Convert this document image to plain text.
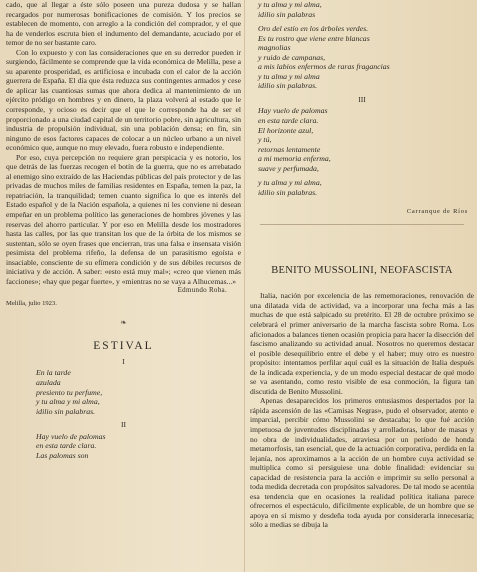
cado, que al llegar a éste sólo poseen una pureza dudosa y se hallan recargados por numerosas bonificaciones de comisión. Y los precios se establecen de momento, con arreglo a la condición del comprador, y el que ha de venderlos escruta bien el indumento del demandante, acuciado por el temor de no ser bastante caro.

Con lo expuesto y con las consideraciones que en su derredor pueden ir surgiendo, fácilmente se comprende que la vida económica de Melilla, pese a su aparente prosperidad, es artificiosa e incubada con el calor de la acción guerrera de España. El día que ésta reduzca sus contingentes armados y cese de aplicar las cuantiosas sumas que ahora dedica al mantenimiento de un ejército pródigo en hombres y en dinero, la plaza volverá al estado que le corresponde, y ocioso es decir que el que le corresponde ha de ser el proporcionado a una ciudad capital de un territorio pobre, sin agricultura, sin industria de propulsión individual, sin una población densa; en fin, sin ninguno de esos factores capaces de colocar a un núcleo urbano a un nivel económico que, aunque no muy elevado, fuera robusto e independiente.

Por eso, cuya percepción no requiere gran perspicacia y es notorio, los que detrás de las fuerzas recogen el botín de la guerra, que no es arrebatado al enemigo sino extraído de las Haciendas públicas del país protector y de las privadas de muchos miles de familias residentes en España, temen la paz, la repatriación, la tranquilidad; temen cuanto significa lo que es interés del Estado español y de la Nación española, a quienes ni les conviene ni desean empeñar en un problema político las generaciones de hombres jóvenes y las reservas del ahorro particular. Y por eso en Melilla desde los mostradores hasta las calles, por las que transitan los que de la órbita de los mismos se sustentan, sólo se oyen frases que encierran, tras una falsa e insensata visión pesimista del problema rifeño, la defensa de un parasitismo egoísta e insaciable, consciente de su efímera condición y de sus débiles recursos de iniciativa y de acción. A saber: «esto está muy mal»; «creo que vienen más facciones»; «hay que pegar fuerte», y «mientras no se vaya a Alhucemas...»

Edmundo Roba.
Melilla, julio 1923.
❧
ESTIVAL
I
En la tarde
azulada
presiento tu perfume,
y tu alma y mi alma,
idilio sin palabras.
II
Hay vuelo de palomas
en esta tarde clara.
Las palomas son
y tu alma y mi alma,
idilio sin palabras
Oro del estío en los árboles verdes.
Es tu rostro que viene entre blancas
magnolias
y ruido de campanas,
a mis labios enfermos de raras fragancias
y tu alma y mi alma
idilio sin palabras.
III
Hay vuelo de palomas
en esta tarde clara.
El horizonte azul,
y tú,
retornas lentamente
a mi memoria enferma,
suave y perfumada,
y tu alma y mi alma,
idilio sin palabras.
Carranque de Ríos
BENITO MUSSOLINI, NEOFASCISTA

Italia, nación por excelencia de las rememoraciones, renovación de una dilatada vida de actividad, va a incorporar una fecha más a las muchas de que está salpicado su pretérito. El 28 de octubre próximo se celebrará el primer aniversario de la marcha fascista sobre Roma. Los aficionados a balances tienen ocasión propicia para hacer la disección del fascismo analizando su actividad anual. Nosotros no queremos destacar el posible desequilibrio entre el debe y el haber; muy otro es nuestro propósito: intentamos perfilar aquí cuál es la situación de Italia después de la indicada experiencia, y de un modo especial destacar de qué modo se va asentando, como resto visible de esa conmoción, la figura tan discutida de Benito Mussolini.

Apenas desaparecidos los primeros entusiasmos despertados por la rápida ascensión de las «Camisas Negras», pudo el observador, atento e imparcial, percibir cómo Mussolini se destacaba; lo que fué acción impetuosa de juventudes disciplinadas y arrolladoras, labor de masas y no obra de individualidades, atraviesa por un período de honda metamorfosis, tan esencial, que de la actuación corporativa, perdida en la lejanía, nos aproximamos a la acción de un hombre cuya actividad se multiplica como si persiguiese una doble finalidad: evidenciar su capacidad de resistencia para la acción e imprimir su sello personal a toda medida decretada con propósitos salvadores. De tal modo se acentúa esa tendencia que en ocasiones la realidad política italiana parece ofrecernos el espectáculo, difícilmente explicable, de un hombre que se apoya en sí mismo y desdeña toda ayuda por considerarla innecesaria; sólo a medias se dibuja la
